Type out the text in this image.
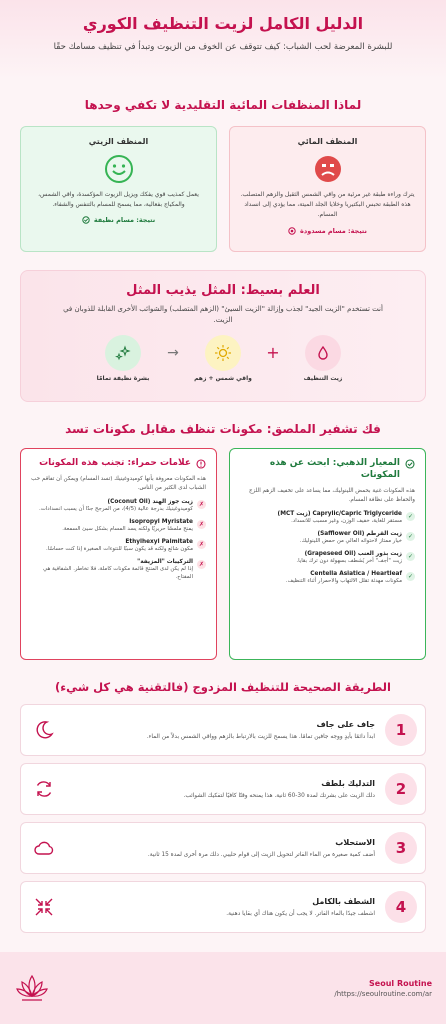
الدليل الكامل لزيت التنظيف الكوري

للبشرة المعرضة لحب الشباب: كيف تتوقف عن الخوف من الزيوت وتبدأ في تنظيف مسامك حقًا

لماذا المنظفات المائية التقليدية لا تكفي وحدها
المنظف المائي
يترك وراءه طبقة غير مرئية من واقي الشمس الثقيل والزهم المتصلب. هذه الطبقة تحبس البكتيريا وخلايا الجلد الميتة، مما يؤدي إلى انسداد المسام.
نتيجة: مسام مسدودة
المنظف الزيتي
يعمل كمذيب قوي يفكك ويزيل الزيوت المؤكسدة، واقي الشمس، والمكياج بفعالية، مما يسمح للمسام بالتنفس والشفاء.
نتيجة: مسام نظيفة
العلم بسيط: المثل يذيب المثل

أنت تستخدم "الزيت الجيد" لجذب وإزالة "الزيت السيئ" (الزهم المتصلب) والشوائب الأخرى القابلة للذوبان في الزيت.

زيت التنظيف
+
واقي شمس + زهم
→
بشرة نظيفة تمامًا
فك تشفير الملصق: مكونات تنظف مقابل مكونات تسد
المعيار الذهبي: ابحث عن هذه المكونات
هذه المكونات غنية بحمض اللينوليك، مما يساعد على تخفيف الزهم اللزج والحفاظ على نظافة المسام.
✓
Caprylic/Capric Triglyceride (زيت MCT)
مستقر للغاية، خفيف الوزن، وغير مسبب للانسداد.
✓
زيت القرطم (Safflower Oil)
خيار ممتاز لاحتوائه العالي من حمض اللينوليك.
✓
زيت بذور العنب (Grapeseed Oil)
زيت "أجف" أخر يُشطف بسهولة دون ترك بقايا.
✓
Centella Asiatica / Heartleaf
مكونات مهدئة تقلل الالتهاب والاحمرار أثناء التنظيف.
علامات حمراء: تجنب هذه المكونات
هذه المكونات معروفة بأنها كوميدوغينيك (تسد المسام) ويمكن أن تفاقم حب الشباب لدى الكثير من الناس.
✗
زيت جوز الهند (Coconut Oil)
كوميدوغينيك بدرجة عالية (4/5)، من المرجح جدًا أن يسبب انسدادات.
✗
Isopropyl Myristate
يمنح ملمسًا حريريًا ولكنه يسد المسام بشكل سيئ السمعة.
✗
Ethylhexyl Palmitate
مكون شائع ولكنه قد يكون سببًا للنتوءات الصغيرة إذا كنت حساسًا.
✗
التركيبات "المزيفة"
إذا لم يكن لدى المنتج قائمة مكونات كاملة، فلا تخاطر. الشفافية هي المفتاح.
الطريقة الصحيحة للتنظيف المزدوج (فالتقنية هي كل شيء)
1
جاف على جاف
ابدأ دائمًا بأيدٍ ووجه جافين تمامًا. هذا يسمح للزيت بالارتباط بالزهم وواقي الشمس بدلاً من الماء.
2
التدليك بلطف
دلك الزيت على بشرتك لمدة 30-60 ثانية. هذا يمنحه وقتًا كافيًا لتفكيك الشوائب.
3
الاستحلاب
أضف كمية صغيرة من الماء الفاتر لتحويل الزيت إلى قوام حليبي. دلك مرة أخرى لمدة 15 ثانية.
4
الشطف بالكامل
اشطف جيدًا بالماء الفاتر. لا يجب أن يكون هناك أي بقايا دهنية.
Seoul Routine
https://seoulroutine.com/ar/
